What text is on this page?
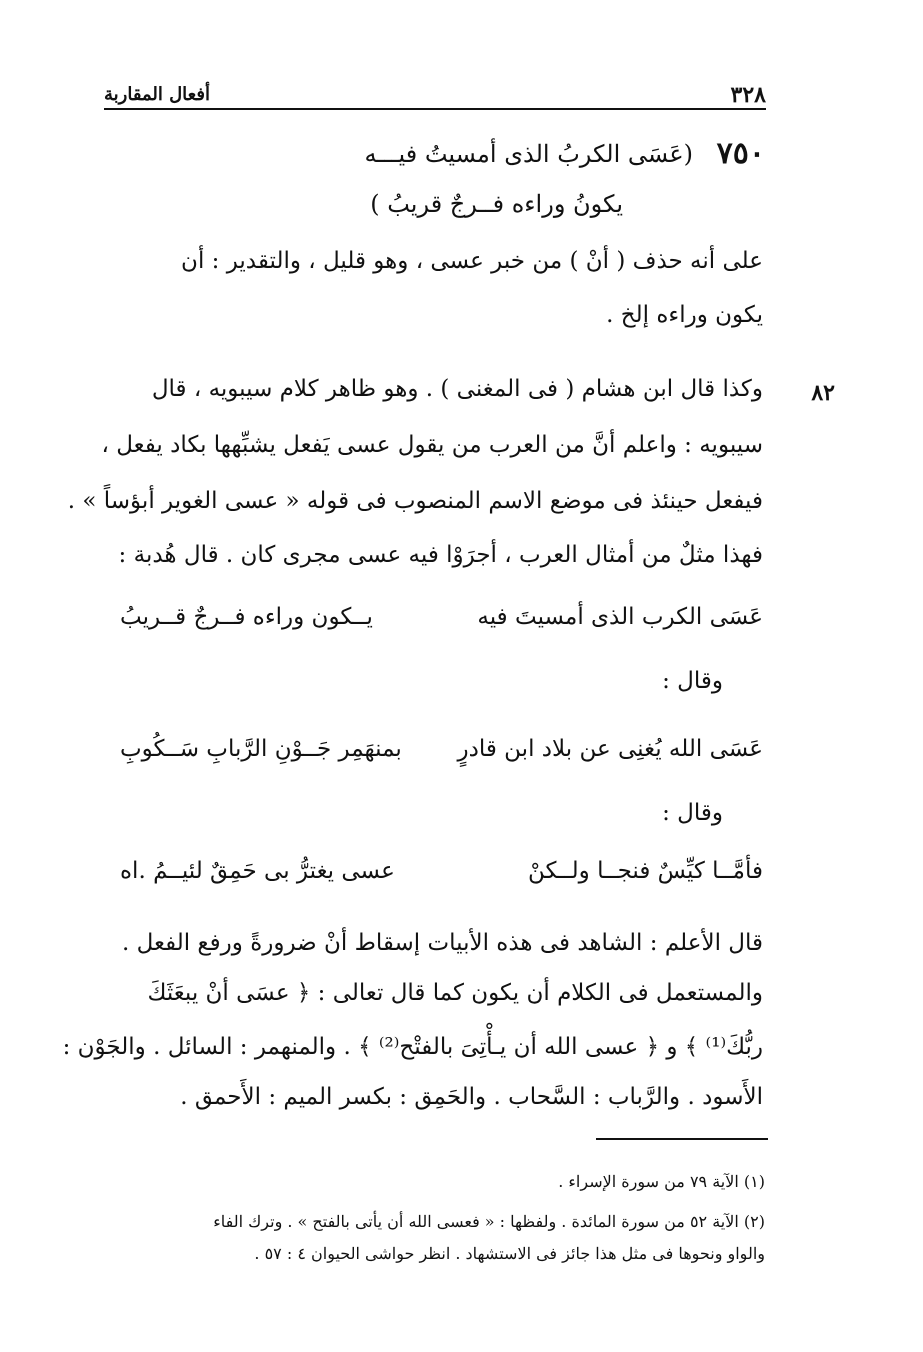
٣٢٨
أفعال المقاربة
٧٥٠
(عَسَى الكربُ الذى أمسيتُ فيـــه
يكونُ وراءه فــرجٌ قريبُ )
على أنه حذف ( أنْ ) من خبر عسى ، وهو قليل ، والتقدير : أن
يكون وراءه إلخ .
٨٢
وكذا قال ابن هشام ( فى المغنى ) . وهو ظاهر كلام سيبويه ، قال
سيبويه : واعلم أنَّ من العرب من يقول عسى يَفعل يشبِّهها بكاد يفعل ،
فيفعل حينئذ فى موضع الاسم المنصوب فى قوله « عسى الغوير أبؤساً » .
فهذا مثلٌ من أمثال العرب ، أجرَوْا فيه عسى مجرى كان . قال هُدبة :
عَسَى الكرب الذى أمسيتَ فيه
يــكون وراءه فــرجٌ قــريبُ
وقال :
عَسَى الله يُغنِى عن بلاد ابن قادرٍ
بمنهَمِر جَــوْنِ الرَّبابِ سَــكُوبِ
وقال :
فأمَّــا كيِّسٌ فنجــا ولــكنْ
عسى يغترُّ بى حَمِقٌ لئيــمُ .اه
قال الأعلم : الشاهد فى هذه الأبيات إسقاط أنْ ضرورةً ورفع الفعل .
والمستعمل فى الكلام أن يكون كما قال تعالى : ﴿ عسَى أنْ يبعَثَكَ
ربُّكَ⁽¹⁾ ﴾ و ﴿ عسى الله أن يـأْتِىَ بالفتْح⁽²⁾ ﴾ . والمنهمر : السائل . والجَوْن :
الأَسود . والرَّباب : السَّحاب . والحَمِق : بكسر الميم : الأَحمق .
(١) الآية ٧٩ من سورة الإسراء .
(٢) الآية ٥٢ من سورة المائدة . ولفظها : « فعسى الله أن يأتى بالفتح » . وترك الفاء
والواو ونحوها فى مثل هذا جائز فى الاستشهاد . انظر حواشى الحيوان ٤ : ٥٧ .
